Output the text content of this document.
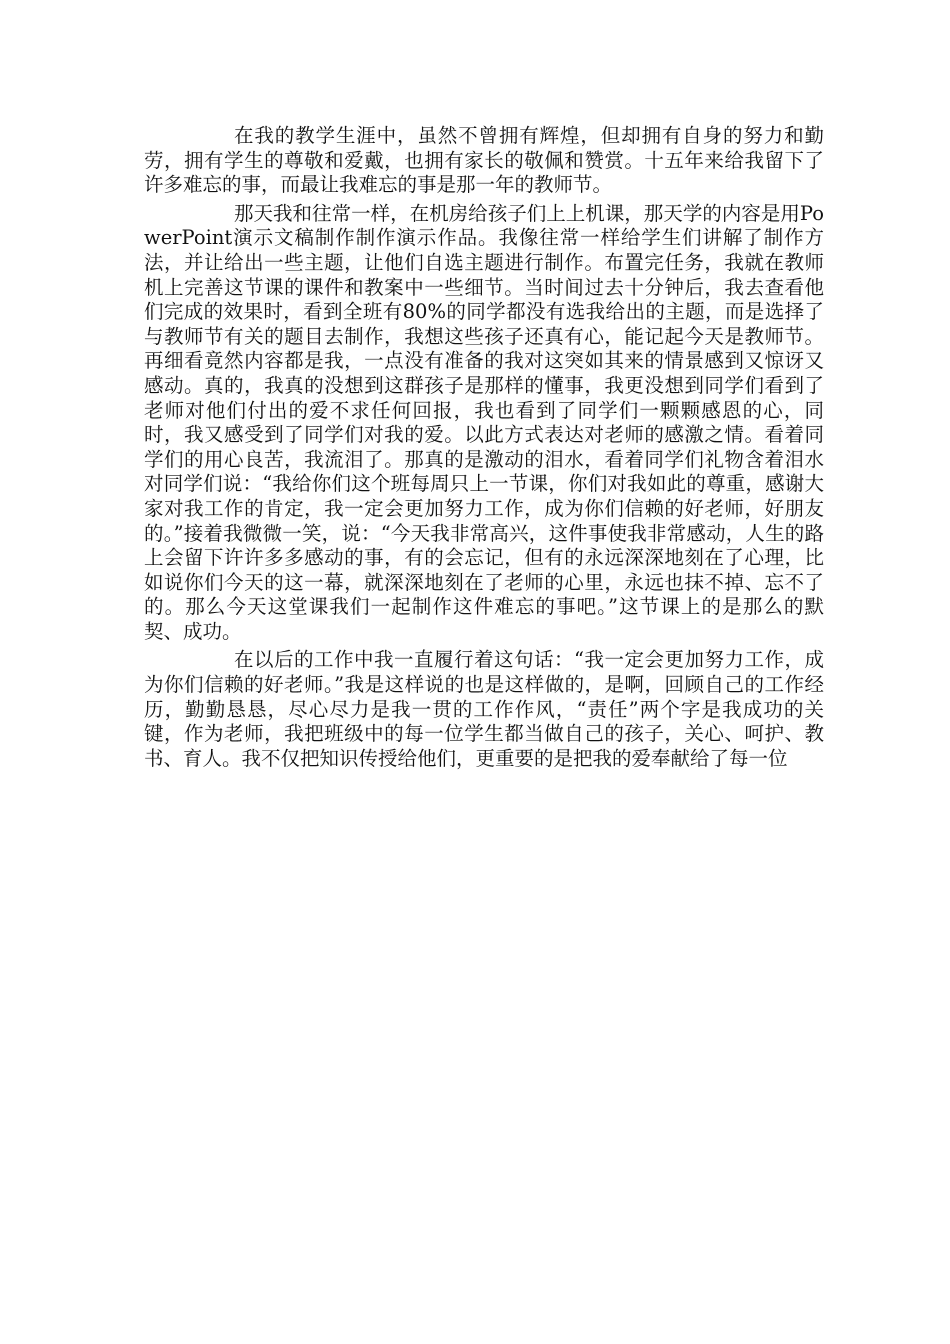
在我的教学生涯中，虽然不曾拥有辉煌，但却拥有自身的努力和勤劳，拥有学生的尊敬和爱戴，也拥有家长的敬佩和赞赏。十五年来给我留下了许多难忘的事，而最让我难忘的事是那一年的教师节。

那天我和往常一样，在机房给孩子们上上机课，那天学的内容是用PowerPoint演示文稿制作制作演示作品。我像往常一样给学生们讲解了制作方法，并让给出一些主题，让他们自选主题进行制作。布置完任务，我就在教师机上完善这节课的课件和教案中一些细节。当时间过去十分钟后，我去查看他们完成的效果时，看到全班有80%的同学都没有选我给出的主题，而是选择了与教师节有关的题目去制作，我想这些孩子还真有心，能记起今天是教师节。再细看竟然内容都是我，一点没有准备的我对这突如其来的情景感到又惊讶又感动。真的，我真的没想到这群孩子是那样的懂事，我更没想到同学们看到了老师对他们付出的爱不求任何回报，我也看到了同学们一颗颗感恩的心，同时，我又感受到了同学们对我的爱。以此方式表达对老师的感激之情。看着同学们的用心良苦，我流泪了。那真的是激动的泪水，看着同学们礼物含着泪水对同学们说：“我给你们这个班每周只上一节课，你们对我如此的尊重，感谢大家对我工作的肯定，我一定会更加努力工作，成为你们信赖的好老师，好朋友的。”接着我微微一笑，说：“今天我非常高兴，这件事使我非常感动，人生的路上会留下许许多多感动的事，有的会忘记，但有的永远深深地刻在了心理，比如说你们今天的这一幕，就深深地刻在了老师的心里，永远也抹不掉、忘不了的。那么今天这堂课我们一起制作这件难忘的事吧。”这节课上的是那么的默契、成功。

在以后的工作中我一直履行着这句话：“我一定会更加努力工作，成为你们信赖的好老师。”我是这样说的也是这样做的，是啊，回顾自己的工作经历，勤勤恳恳，尽心尽力是我一贯的工作作风，“责任”两个字是我成功的关键，作为老师，我把班级中的每一位学生都当做自己的孩子，关心、呵护、教书、育人。我不仅把知识传授给他们，更重要的是把我的爱奉献给了每一位
